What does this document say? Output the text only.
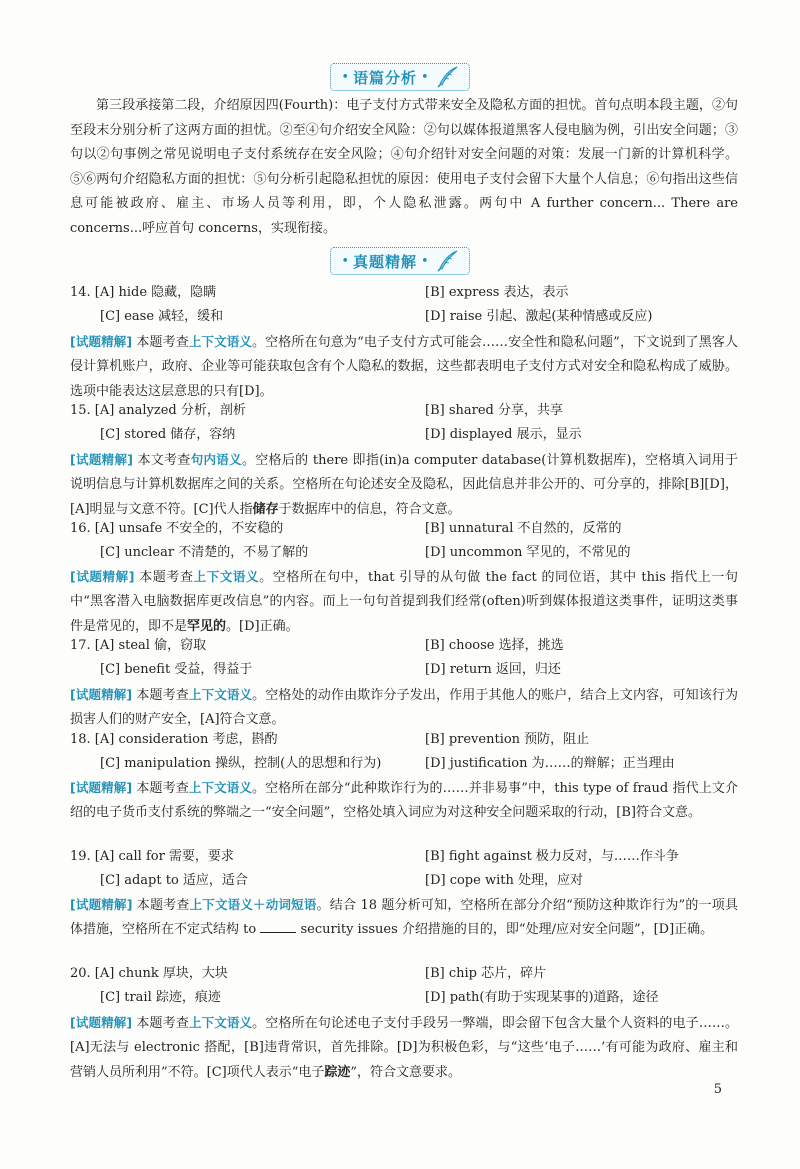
• 语篇分析 •
第三段承接第二段，介绍原因四(Fourth)：电子支付方式带来安全及隐私方面的担忧。首句点明本段主题，②句至段末分别分析了这两方面的担忧。②至④句介绍安全风险：②句以媒体报道黑客人侵电脑为例，引出安全问题；③句以②句事例之常见说明电子支付系统存在安全风险；④句介绍针对安全问题的对策：发展一门新的计算机科学。⑤⑥两句介绍隐私方面的担忧：⑤句分析引起隐私担忧的原因：使用电子支付会留下大量个人信息；⑥句指出这些信息可能被政府、雇主、市场人员等利用，即，个人隐私泄露。两句中 A further concern... There are concerns...呼应首句 concerns，实现衔接。
• 真题精解 •
14. [A] hide 隐藏，隐瞒	[B] express 表达，表示
[C] ease 减轻，缓和	[D] raise 引起、激起(某种情感或反应)
[试题精解] 本题考查上下文语义。空格所在句意为“电子支付方式可能会……安全性和隐私问题”，下文说到了黑客人侵计算机账户，政府、企业等可能获取包含有个人隐私的数据，这些都表明电子支付方式对安全和隐私构成了威胁。选项中能表达这层意思的只有[D]。
15. [A] analyzed 分析，剖析	[B] shared 分享，共享
[C] stored 储存，容纳	[D] displayed 展示，显示
[试题精解] 本文考查句内语义。空格后的 there 即指(in)a computer database(计算机数据库)，空格填入词用于说明信息与计算机数据库之间的关系。空格所在句论述安全及隐私，因此信息并非公开的、可分享的，排除[B][D]，[A]明显与文意不符。[C]代人指储存于数据库中的信息，符合文意。
16. [A] unsafe 不安全的，不安稳的	[B] unnatural 不自然的，反常的
[C] unclear 不清楚的，不易了解的	[D] uncommon 罕见的，不常见的
[试题精解] 本题考查上下文语义。空格所在句中，that 引导的从句做 the fact 的同位语，其中 this 指代上一句中“黑客潜入电脑数据库更改信息”的内容。而上一句句首提到我们经常(often)听到媒体报道这类事件，证明这类事件是常见的，即不是罕见的。[D]正确。
17. [A] steal 偷，窃取	[B] choose 选择，挑选
[C] benefit 受益，得益于	[D] return 返回，归还
[试题精解] 本题考查上下文语义。空格处的动作由欺诈分子发出，作用于其他人的账户，结合上文内容，可知该行为损害人们的财产安全，[A]符合文意。
18. [A] consideration 考虑，斟酌	[B] prevention 预防，阻止
[C] manipulation 操纵，控制(人的思想和行为)	[D] justification 为……的辩解；正当理由
[试题精解] 本题考查上下文语义。空格所在部分“此种欺诈行为的……并非易事”中，this type of fraud 指代上文介绍的电子货币支付系统的弊端之一“安全问题”，空格处填入词应为对这种安全问题采取的行动，[B]符合文意。
19. [A] call for 需要，要求	[B] fight against 极力反对，与……作斗争
[C] adapt to 适应，适合	[D] cope with 处理，应对
[试题精解] 本题考查上下文语义＋动词短语。结合 18 题分析可知，空格所在部分介绍“预防这种欺诈行为”的一项具体措施，空格所在不定式结构 to	security issues 介绍措施的目的，即“处理/应对安全问题”，[D]正确。
20. [A] chunk 厚块，大块	[B] chip 芯片，碎片
[C] trail 踪迹，痕迹	[D] path(有助于实现某事的)道路，途径
[试题精解] 本题考查上下文语义。空格所在句论述电子支付手段另一弊端，即会留下包含大量个人资料的电子……。[A]无法与 electronic 搭配，[B]违背常识，首先排除。[D]为积极色彩，与“这些‘电子……’有可能为政府、雇主和营销人员所利用”不符。[C]项代人表示“电子踪迹”，符合文意要求。
5
